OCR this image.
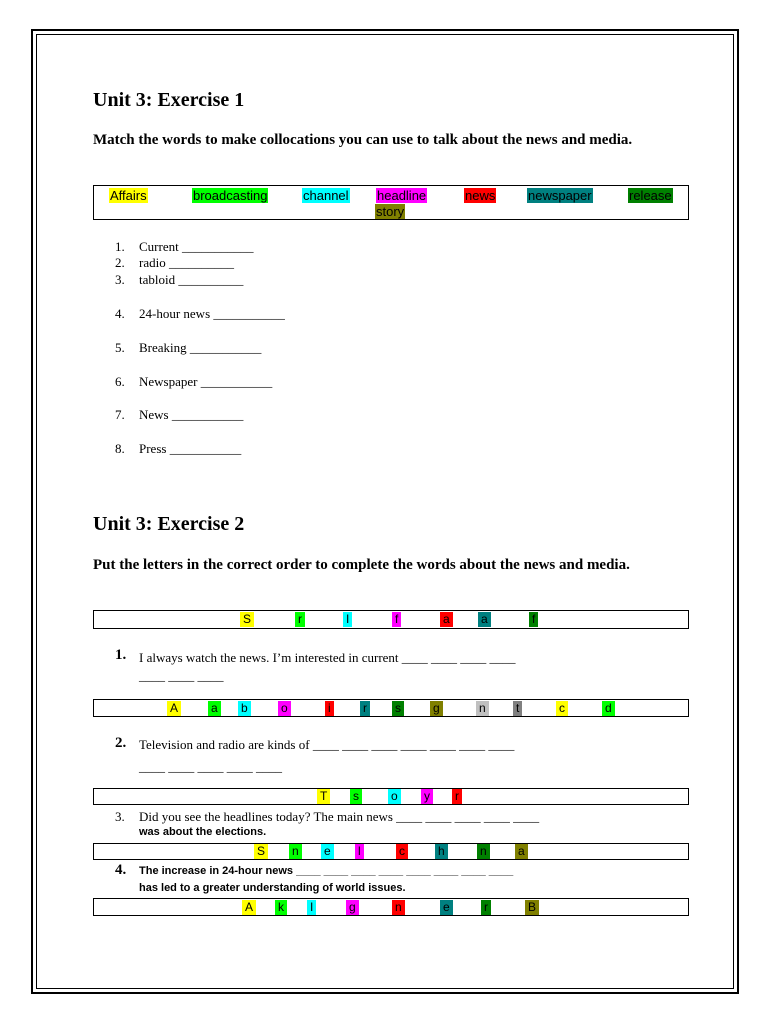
Unit 3: Exercise 1
Match the words to make collocations you can use to talk about the news and media.
Affairs	broadcasting	channel headline	news	newspaper	release
story
1. Current ___________
2. radio __________
3. tabloid __________
4. 24-hour news ___________
5. Breaking ___________
6. Newspaper ___________
7. News ___________
8. Press ___________
Unit 3: Exercise 2
Put the letters in the correct order to complete the words about the news and media.
S	r	I	f	a	a	f
1. I always watch the news. I’m interested in current ____ ____ ____ ____
____ ____ ____
A	a b	o	i	r s	g	n	t	c	d
2. Television and radio are kinds of ____ ____ ____ ____ ____ ____ ____
____ ____ ____ ____ ____
T s	o y r
3. Did you see the headlines today? The main news ____ ____ ____ ____ ____
was about the elections.
S n e l	c	h	n	a
4. The increase in 24-hour news ____ ____ ____ ____ ____ ____ ____ ____
has led to a greater understanding of world issues.
A k I	g	n	e	r	B
